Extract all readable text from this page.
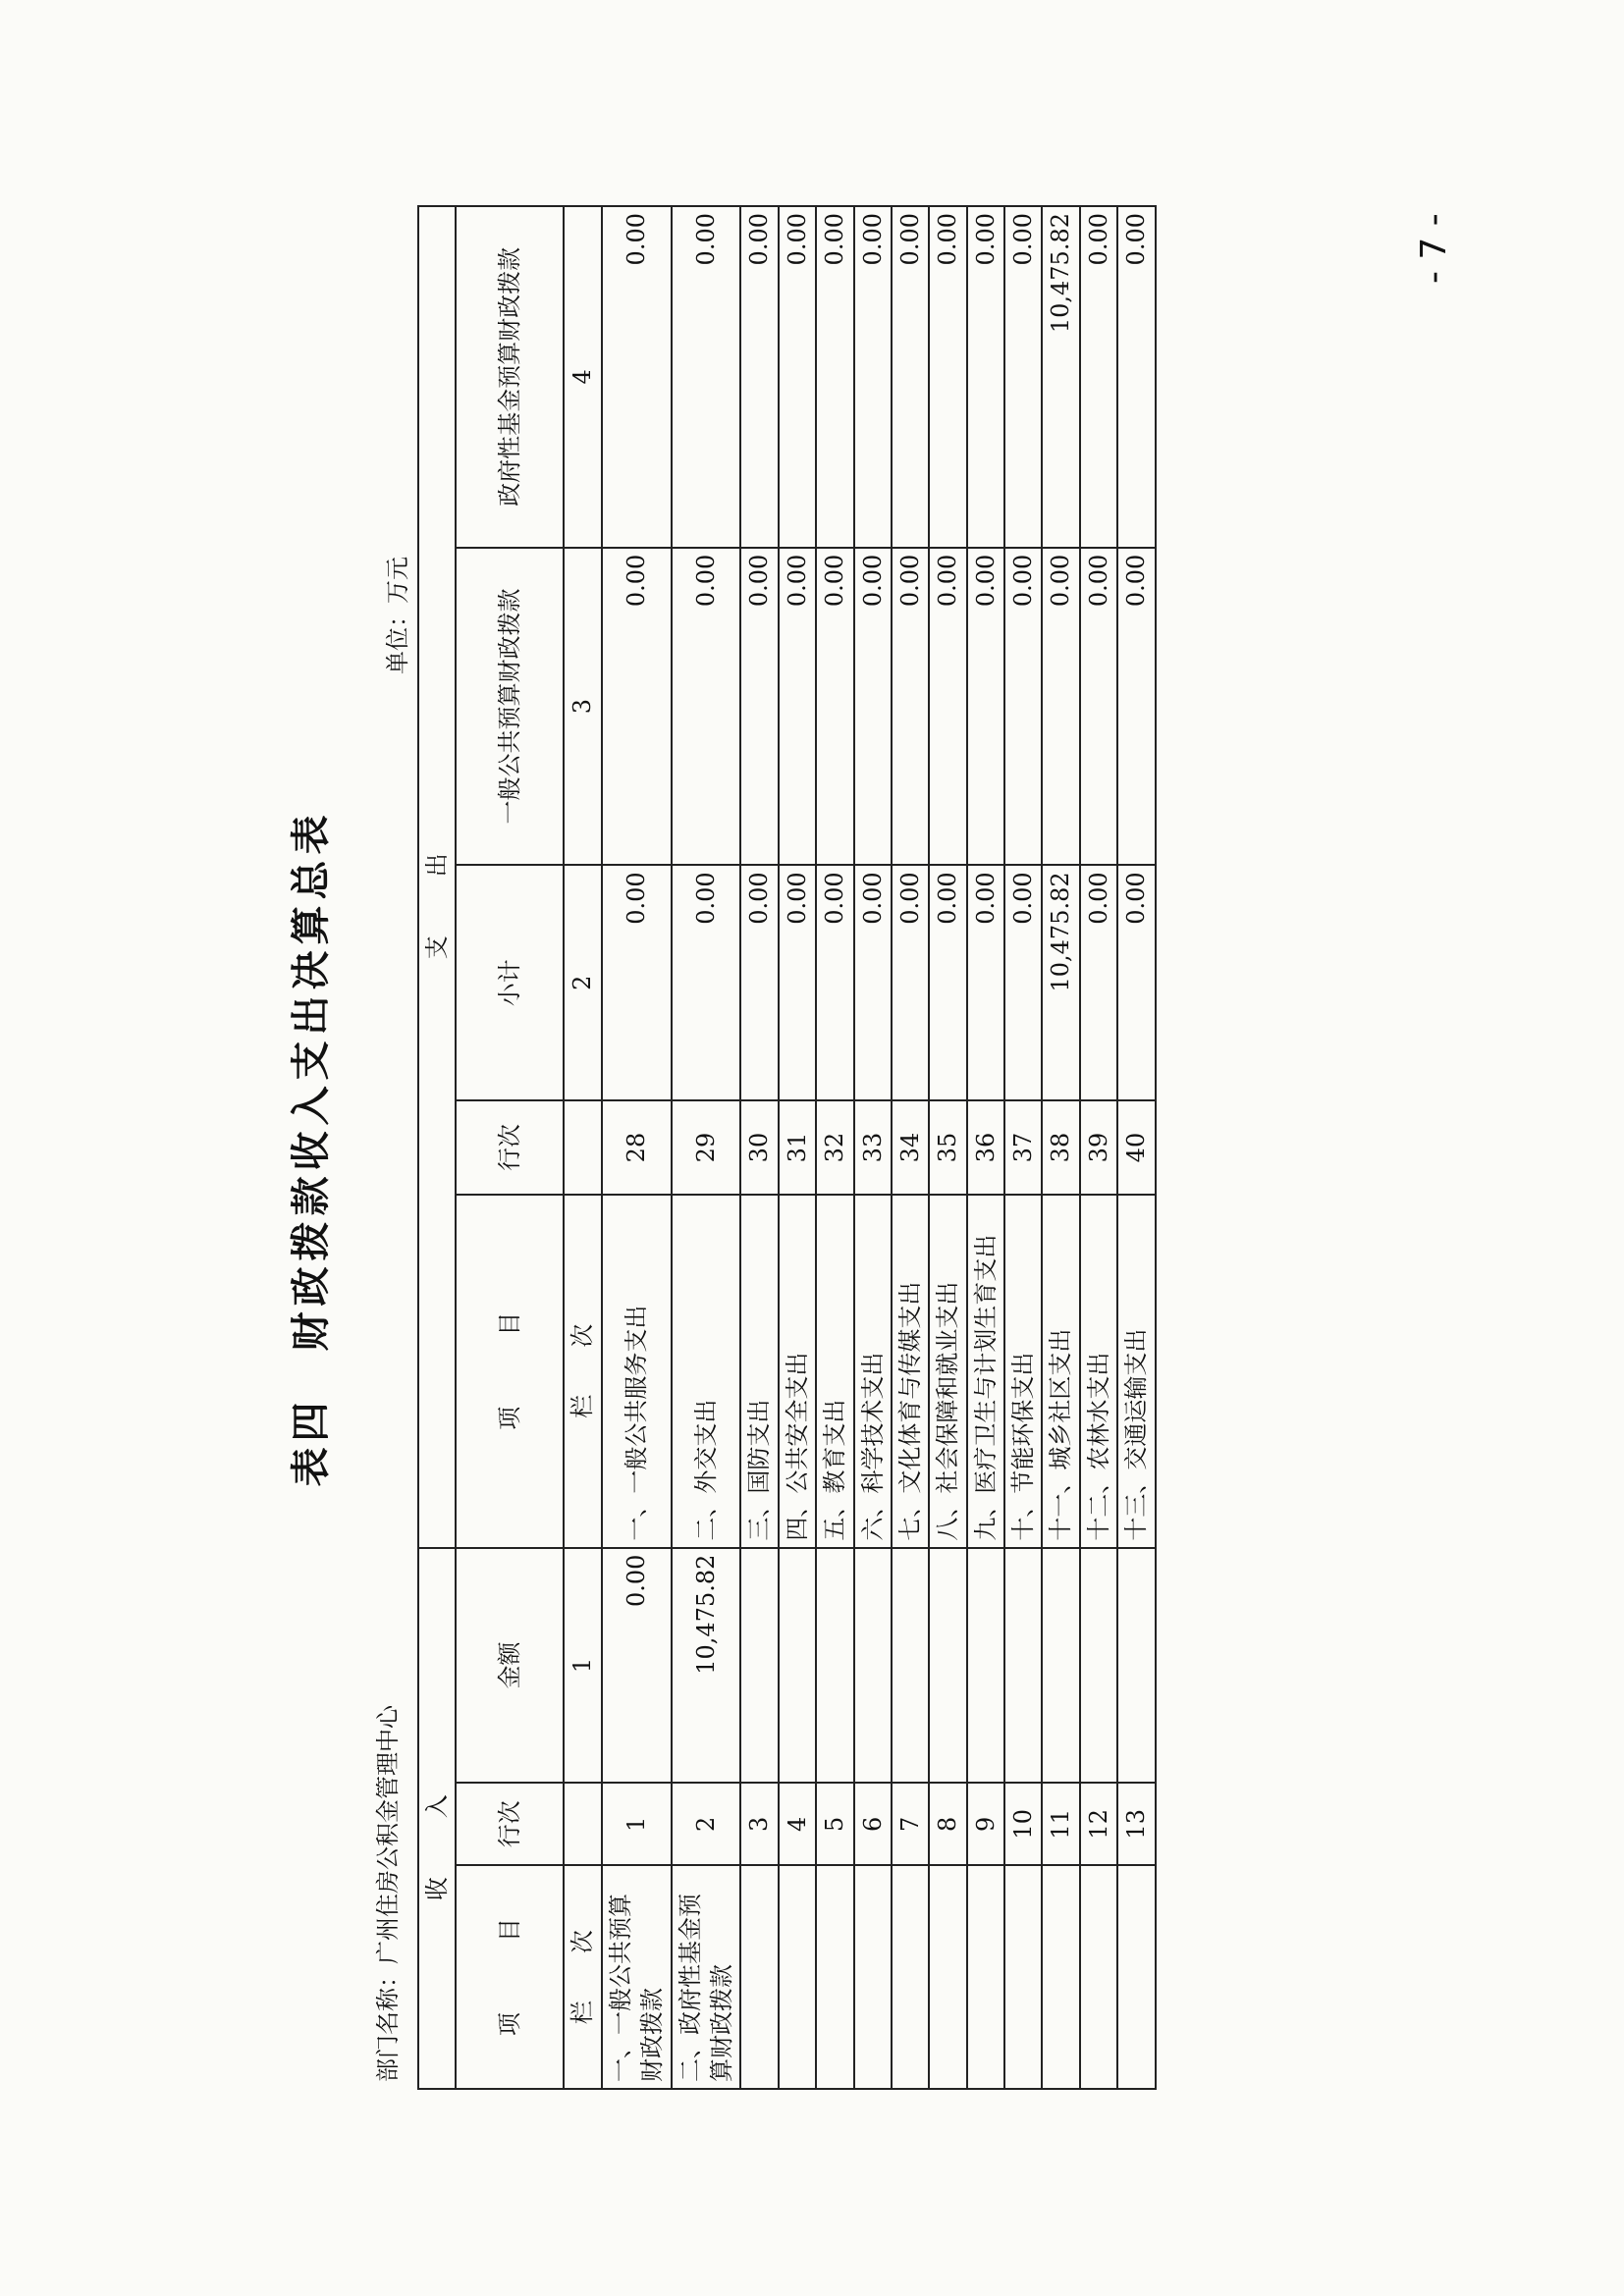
表四　财政拨款收入支出决算总表
部门名称：广州住房公积金管理中心
单位：万元
收入			支出				
项　　　目	行次	金额	项　　　目	行次	小计	一般公共预算财政拨款	政府性基金预算财政拨款
栏　　次		1	栏　　次		2	3	4
一、一般公共预算财政拨款	1	0.00	一、一般公共服务支出	28	0.00	0.00	0.00
二、政府性基金预算财政拨款	2	10,475.82	二、外交支出	29	0.00	0.00	0.00
	3		三、国防支出	30	0.00	0.00	0.00
	4		四、公共安全支出	31	0.00	0.00	0.00
	5		五、教育支出	32	0.00	0.00	0.00
	6		六、科学技术支出	33	0.00	0.00	0.00
	7		七、文化体育与传媒支出	34	0.00	0.00	0.00
	8		八、社会保障和就业支出	35	0.00	0.00	0.00
	9		九、医疗卫生与计划生育支出	36	0.00	0.00	0.00
	10		十、节能环保支出	37	0.00	0.00	0.00
	11		十一、城乡社区支出	38	10,475.82	0.00	10,475.82
	12		十二、农林水支出	39	0.00	0.00	0.00
	13		十三、交通运输支出	40	0.00	0.00	0.00	- 7 -
